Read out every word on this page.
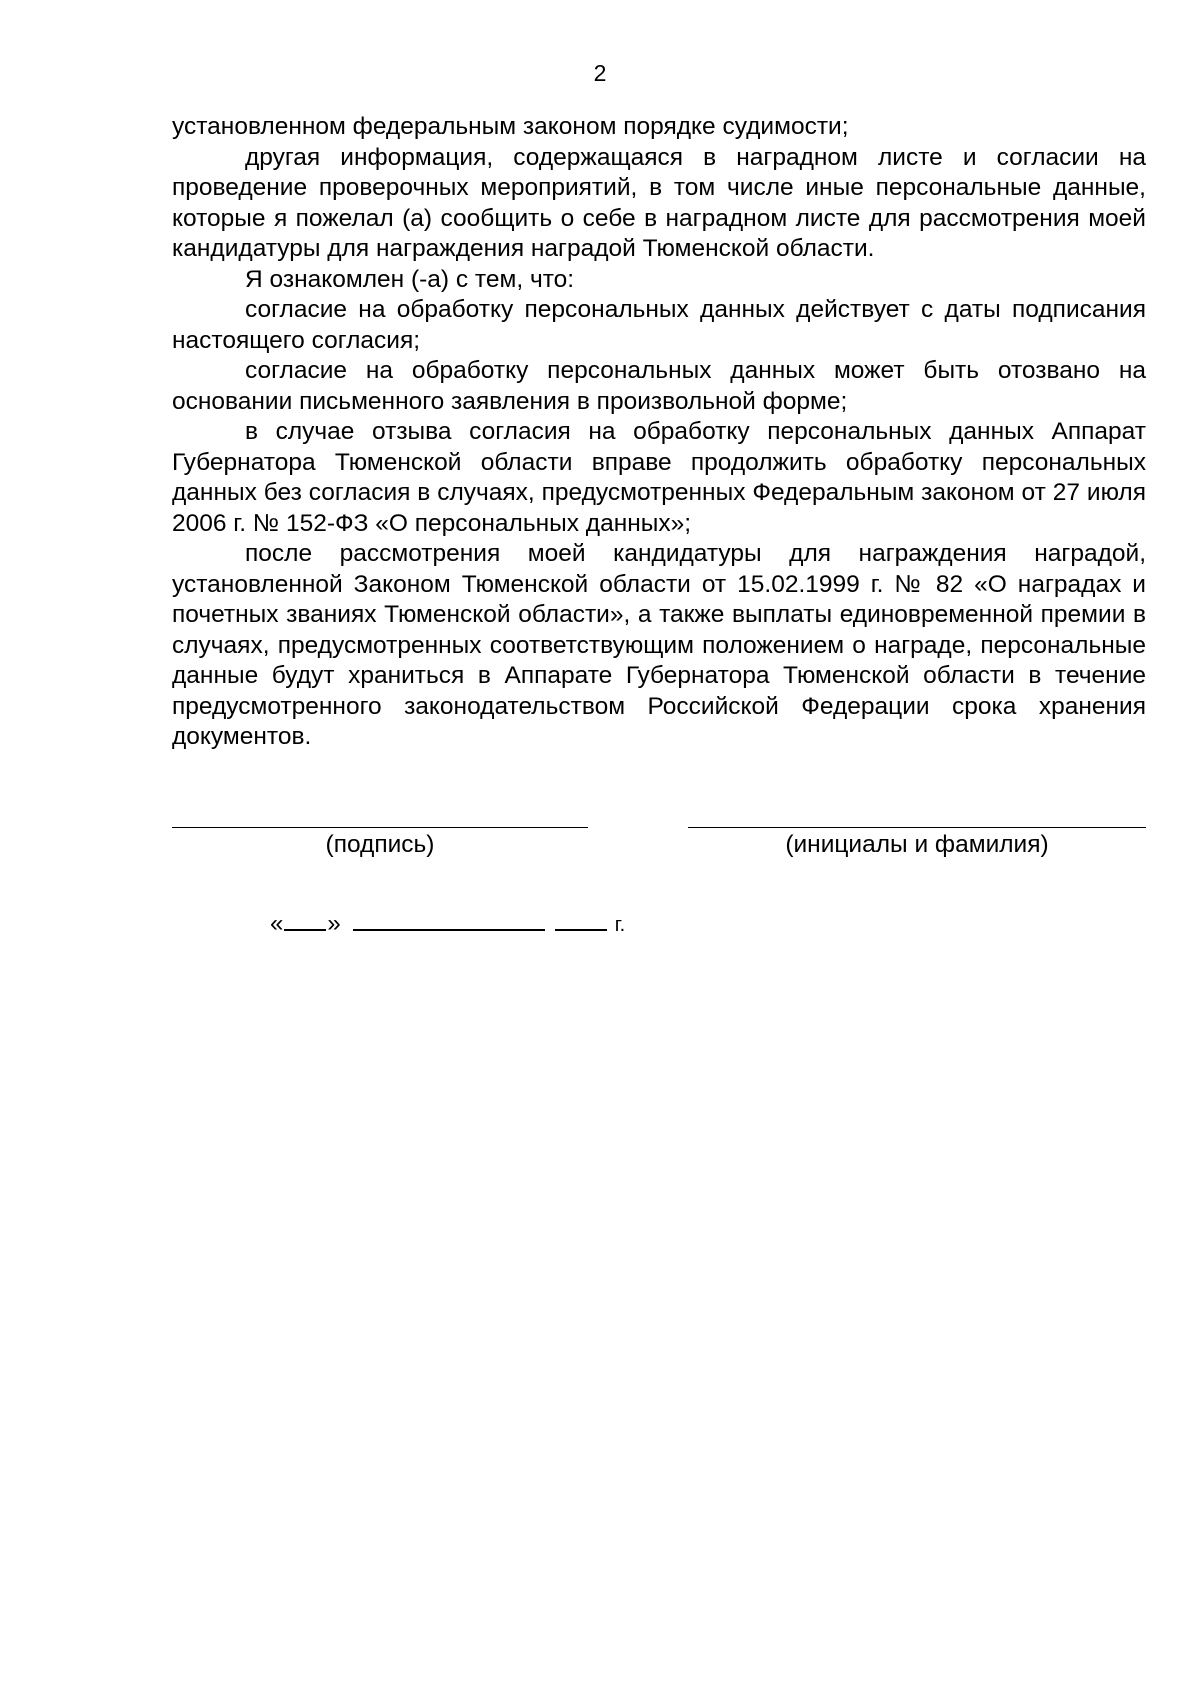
2

установленном федеральным законом порядке судимости;

другая информация, содержащаяся в наградном листе и согласии на проведение проверочных мероприятий, в том числе иные персональные данные, которые я пожелал (а) сообщить о себе в наградном листе для рассмотрения моей кандидатуры для награждения наградой Тюменской области.

Я ознакомлен (-а) с тем, что:

согласие на обработку персональных данных действует с даты подписания настоящего согласия;

согласие на обработку персональных данных может быть отозвано на основании письменного заявления в произвольной форме;

в случае отзыва согласия на обработку персональных данных Аппарат Губернатора Тюменской области вправе продолжить обработку персональных данных без согласия в случаях, предусмотренных Федеральным законом от 27 июля 2006 г. № 152-ФЗ «О персональных данных»;

после рассмотрения моей кандидатуры для награждения наградой, установленной Законом Тюменской области от 15.02.1999 г. № 82 «О наградах и почетных званиях Тюменской области», а также выплаты единовременной премии в случаях, предусмотренных соответствующим положением о награде, персональные данные будут храниться в Аппарате Губернатора Тюменской области в течение предусмотренного законодательством Российской Федерации срока хранения документов.

(подпись)	(инициалы и фамилия)
« »	г.
